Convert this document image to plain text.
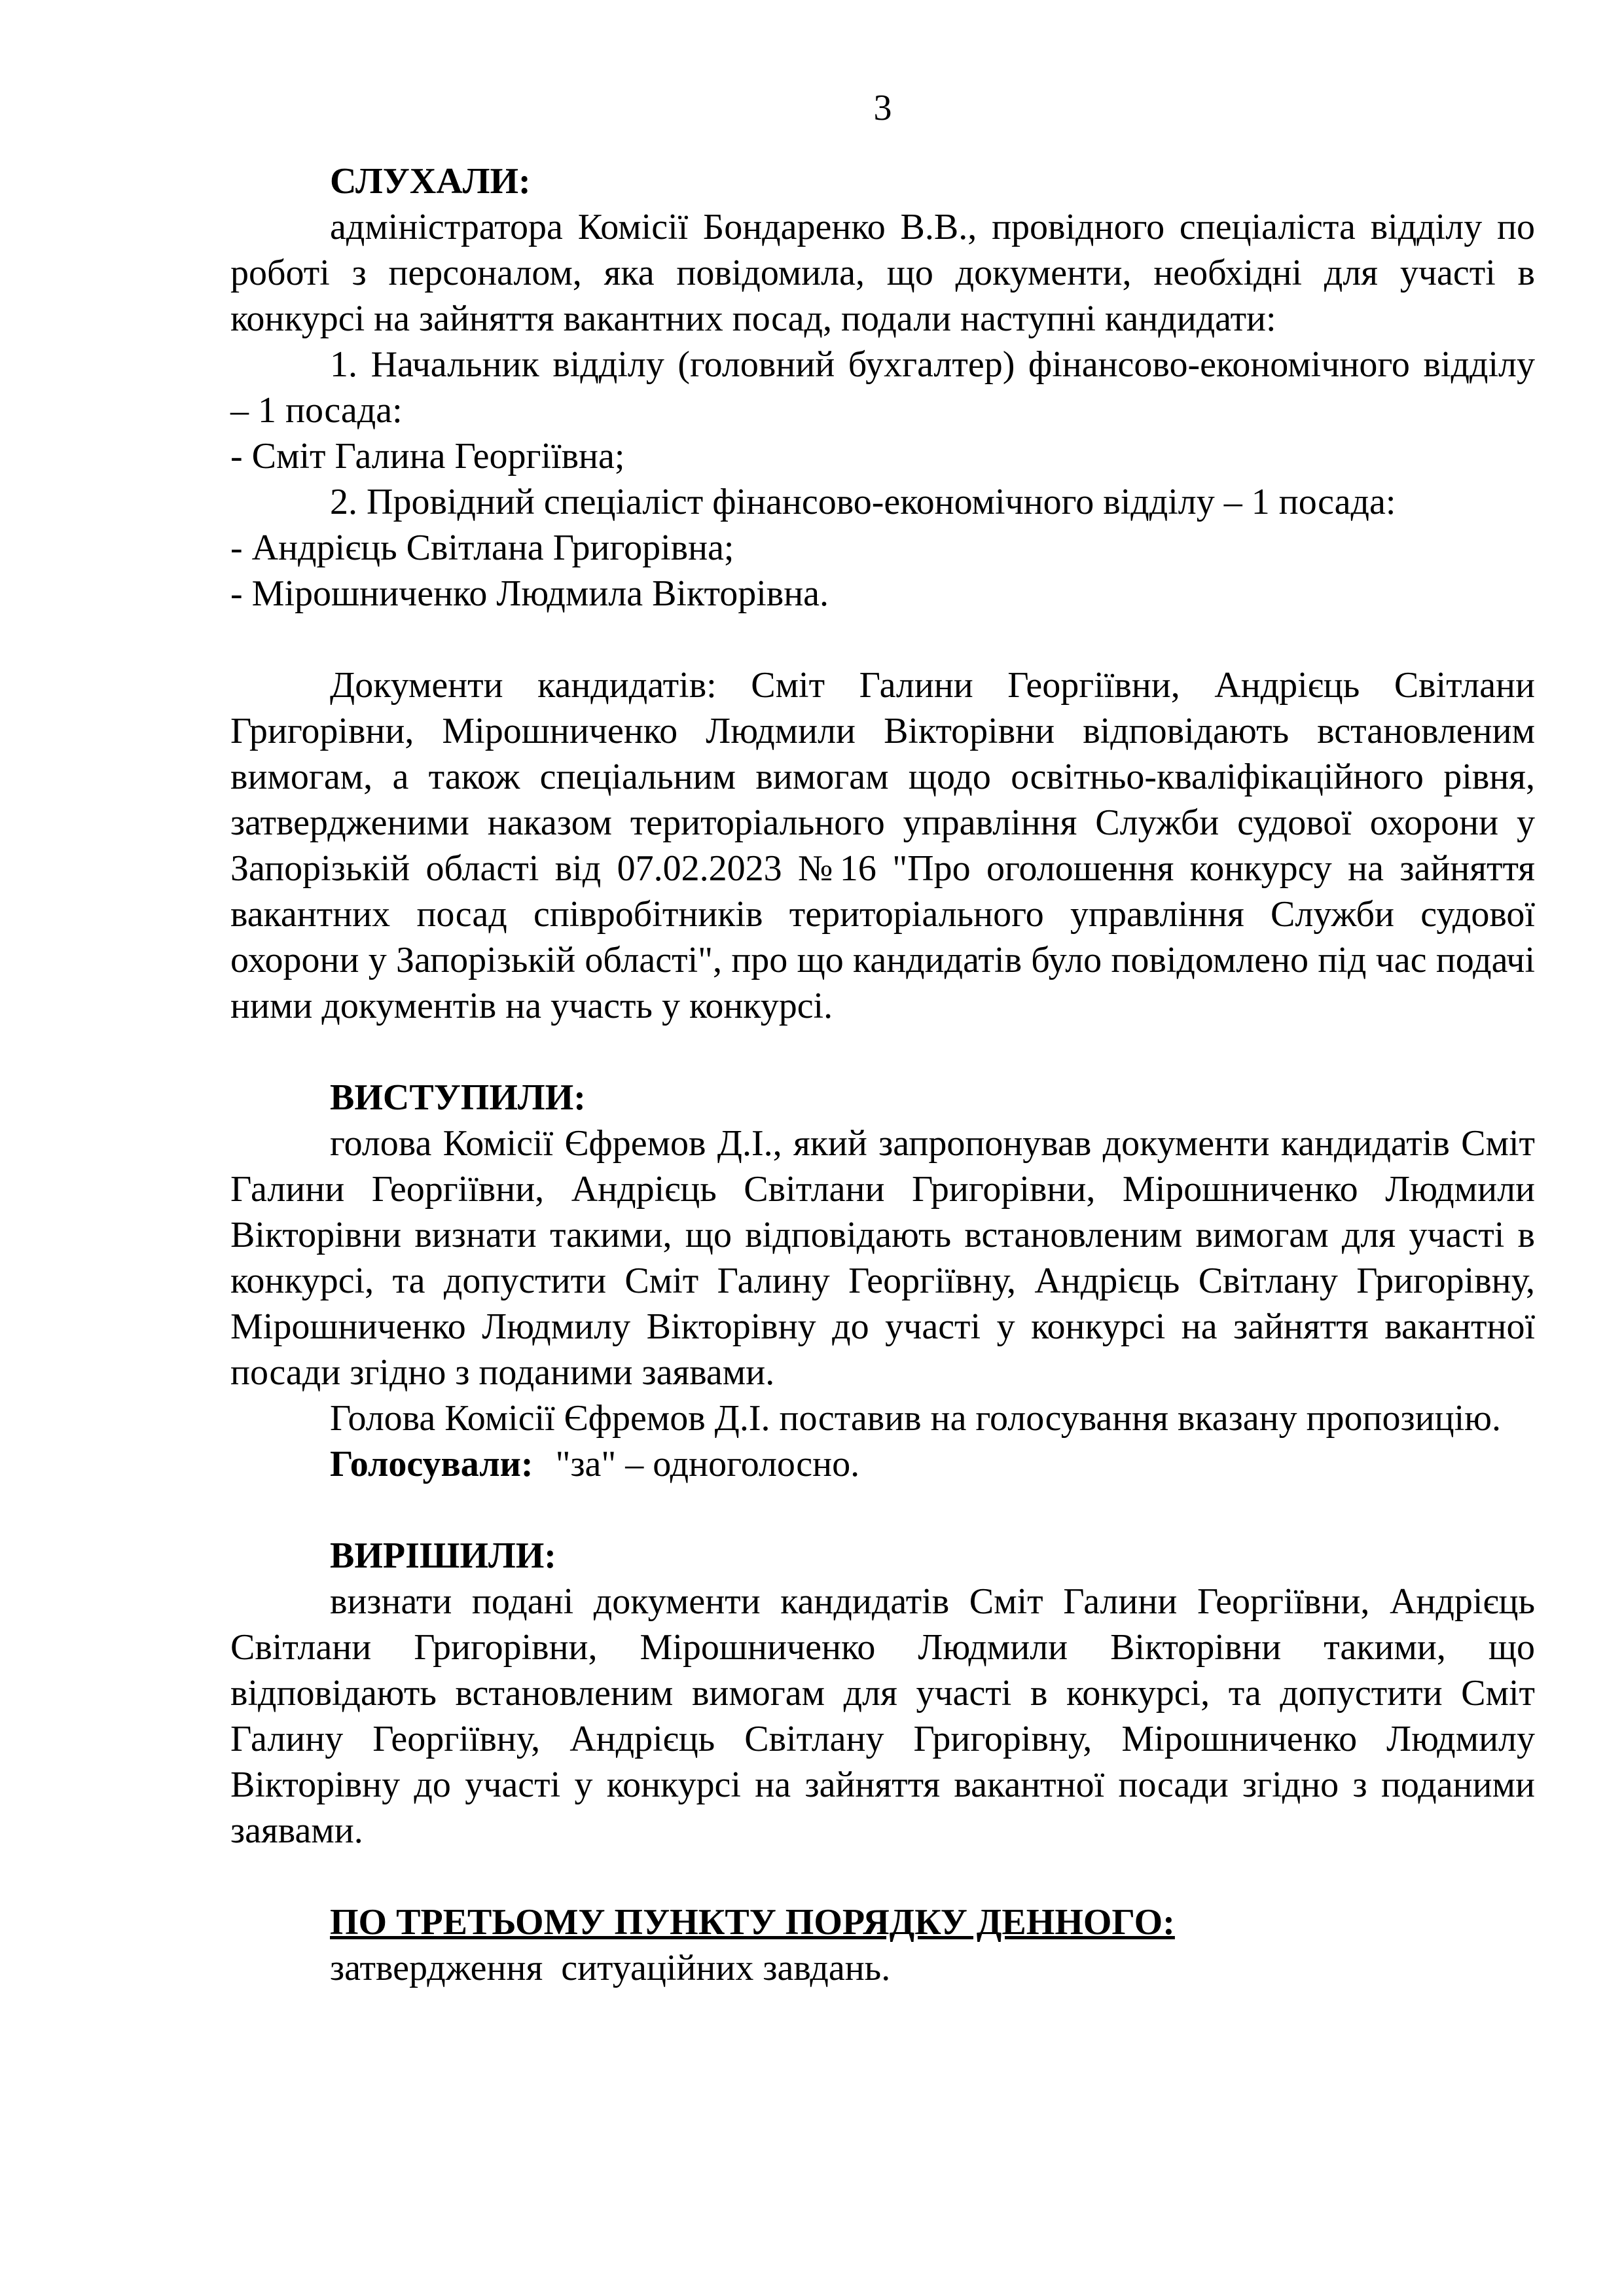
3

СЛУХАЛИ:

адміністратора Комісії Бондаренко В.В., провідного спеціаліста відділу по роботі з персоналом, яка повідомила, що документи, необхідні для участі в конкурсі на зайняття вакантних посад, подали наступні кандидати:

1. Начальник відділу (головний бухгалтер) фінансово-економічного відділу – 1 посада:

- Сміт Галина Георгіївна;

2. Провідний спеціаліст фінансово-економічного відділу – 1 посада:

- Андрієць Світлана Григорівна;

- Мірошниченко Людмила Вікторівна.

Документи кандидатів: Сміт Галини Георгіївни, Андрієць Світлани Григорівни, Мірошниченко Людмили Вікторівни відповідають встановленим вимогам, а також спеціальним вимогам щодо освітньо-кваліфікаційного рівня, затвердженими наказом територіального управління Служби судової охорони у Запорізькій області від 07.02.2023 №16 "Про оголошення конкурсу на зайняття вакантних посад співробітників територіального управління Служби судової охорони у Запорізькій області", про що кандидатів було повідомлено під час подачі ними документів на участь у конкурсі.

ВИСТУПИЛИ:

голова Комісії Єфремов Д.І., який запропонував документи кандидатів Сміт Галини Георгіївни, Андрієць Світлани Григорівни, Мірошниченко Людмили Вікторівни визнати такими, що відповідають встановленим вимогам для участі в конкурсі, та допустити Сміт Галину Георгіївну, Андрієць Світлану Григорівну, Мірошниченко Людмилу Вікторівну до участі у конкурсі на зайняття вакантної посади згідно з поданими заявами.

Голова Комісії Єфремов Д.І. поставив на голосування вказану пропозицію.

Голосували: "за" – одноголосно.

ВИРІШИЛИ:

визнати подані документи кандидатів Сміт Галини Георгіївни, Андрієць Світлани Григорівни, Мірошниченко Людмили Вікторівни такими, що відповідають встановленим вимогам для участі в конкурсі, та допустити Сміт Галину Георгіївну, Андрієць Світлану Григорівну, Мірошниченко Людмилу Вікторівну до участі у конкурсі на зайняття вакантної посади згідно з поданими заявами.

ПО ТРЕТЬОМУ ПУНКТУ ПОРЯДКУ ДЕННОГО:

затвердження  ситуаційних завдань.
